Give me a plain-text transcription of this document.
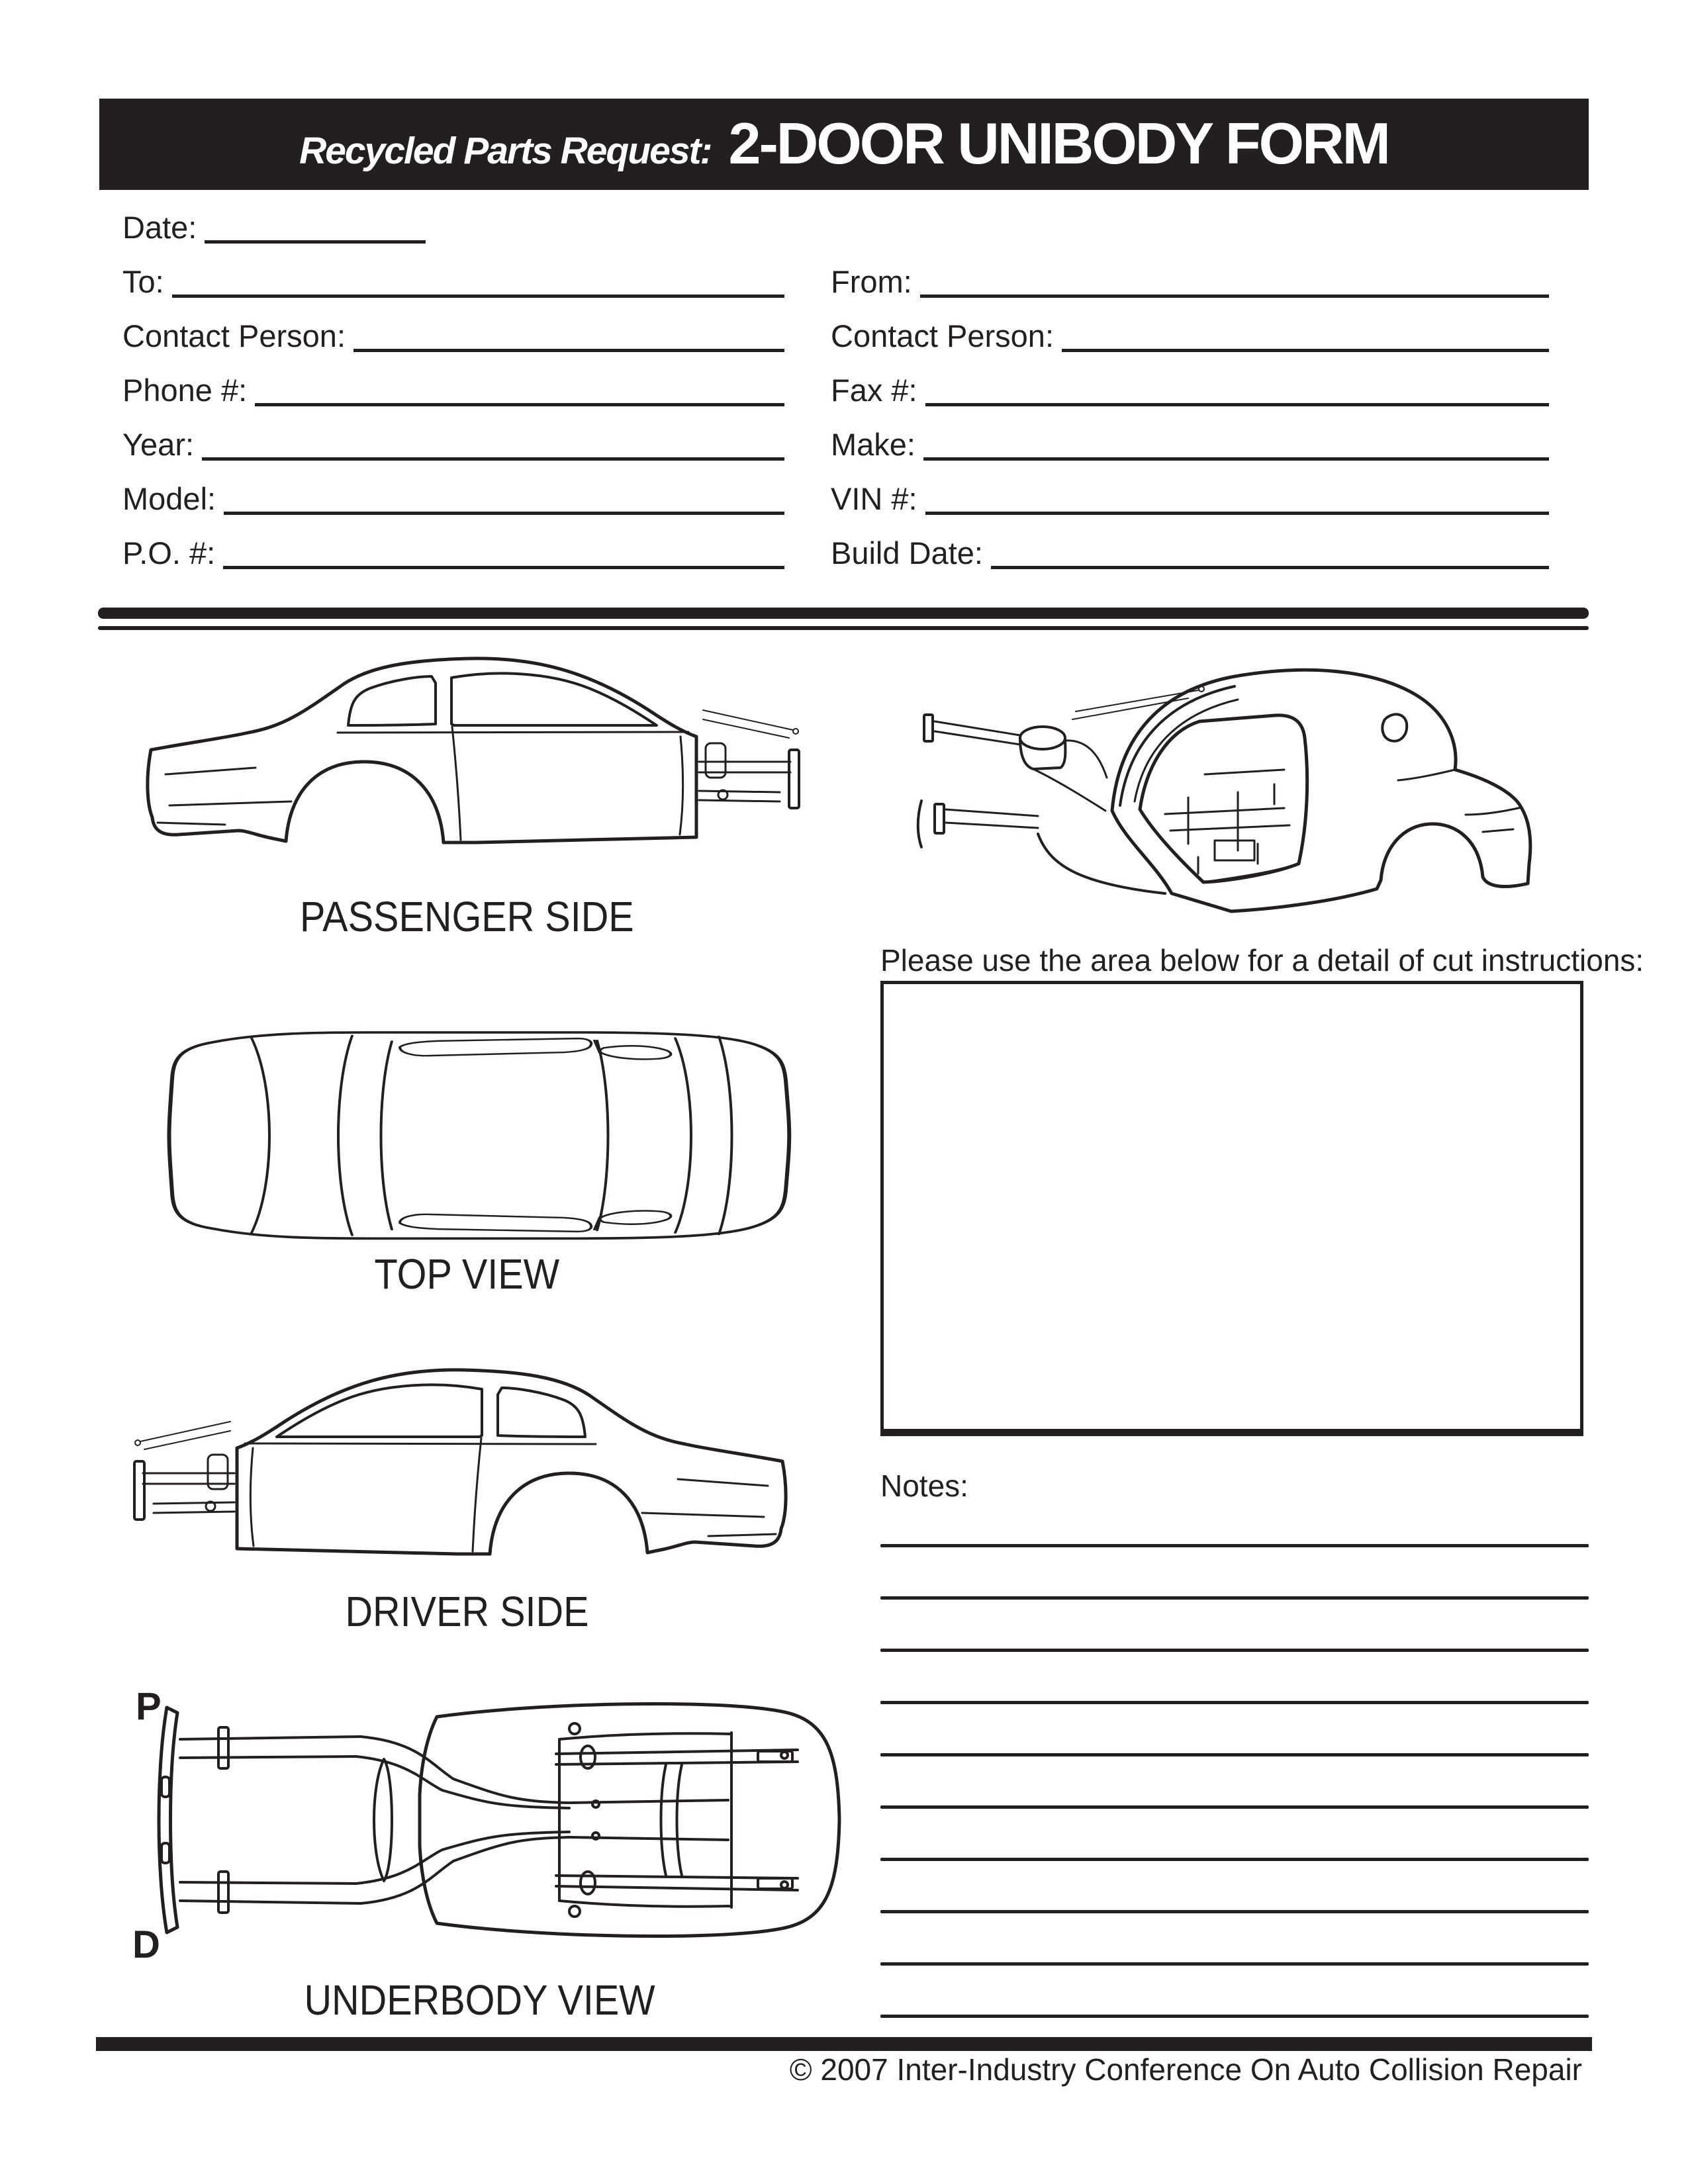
Recycled Parts Request: 2-DOOR UNIBODY FORM
Date:
To:
Contact Person:
Phone #:
Year:
Model:
P.O. #:
From:
Contact Person:
Fax #:
Make:
VIN #:
Build Date:
PASSENGER SIDE
Please use the area below for a detail of cut instructions:
TOP VIEW
DRIVER SIDE
Notes:
P
D
UNDERBODY VIEW
© 2007 Inter-Industry Conference On Auto Collision Repair
